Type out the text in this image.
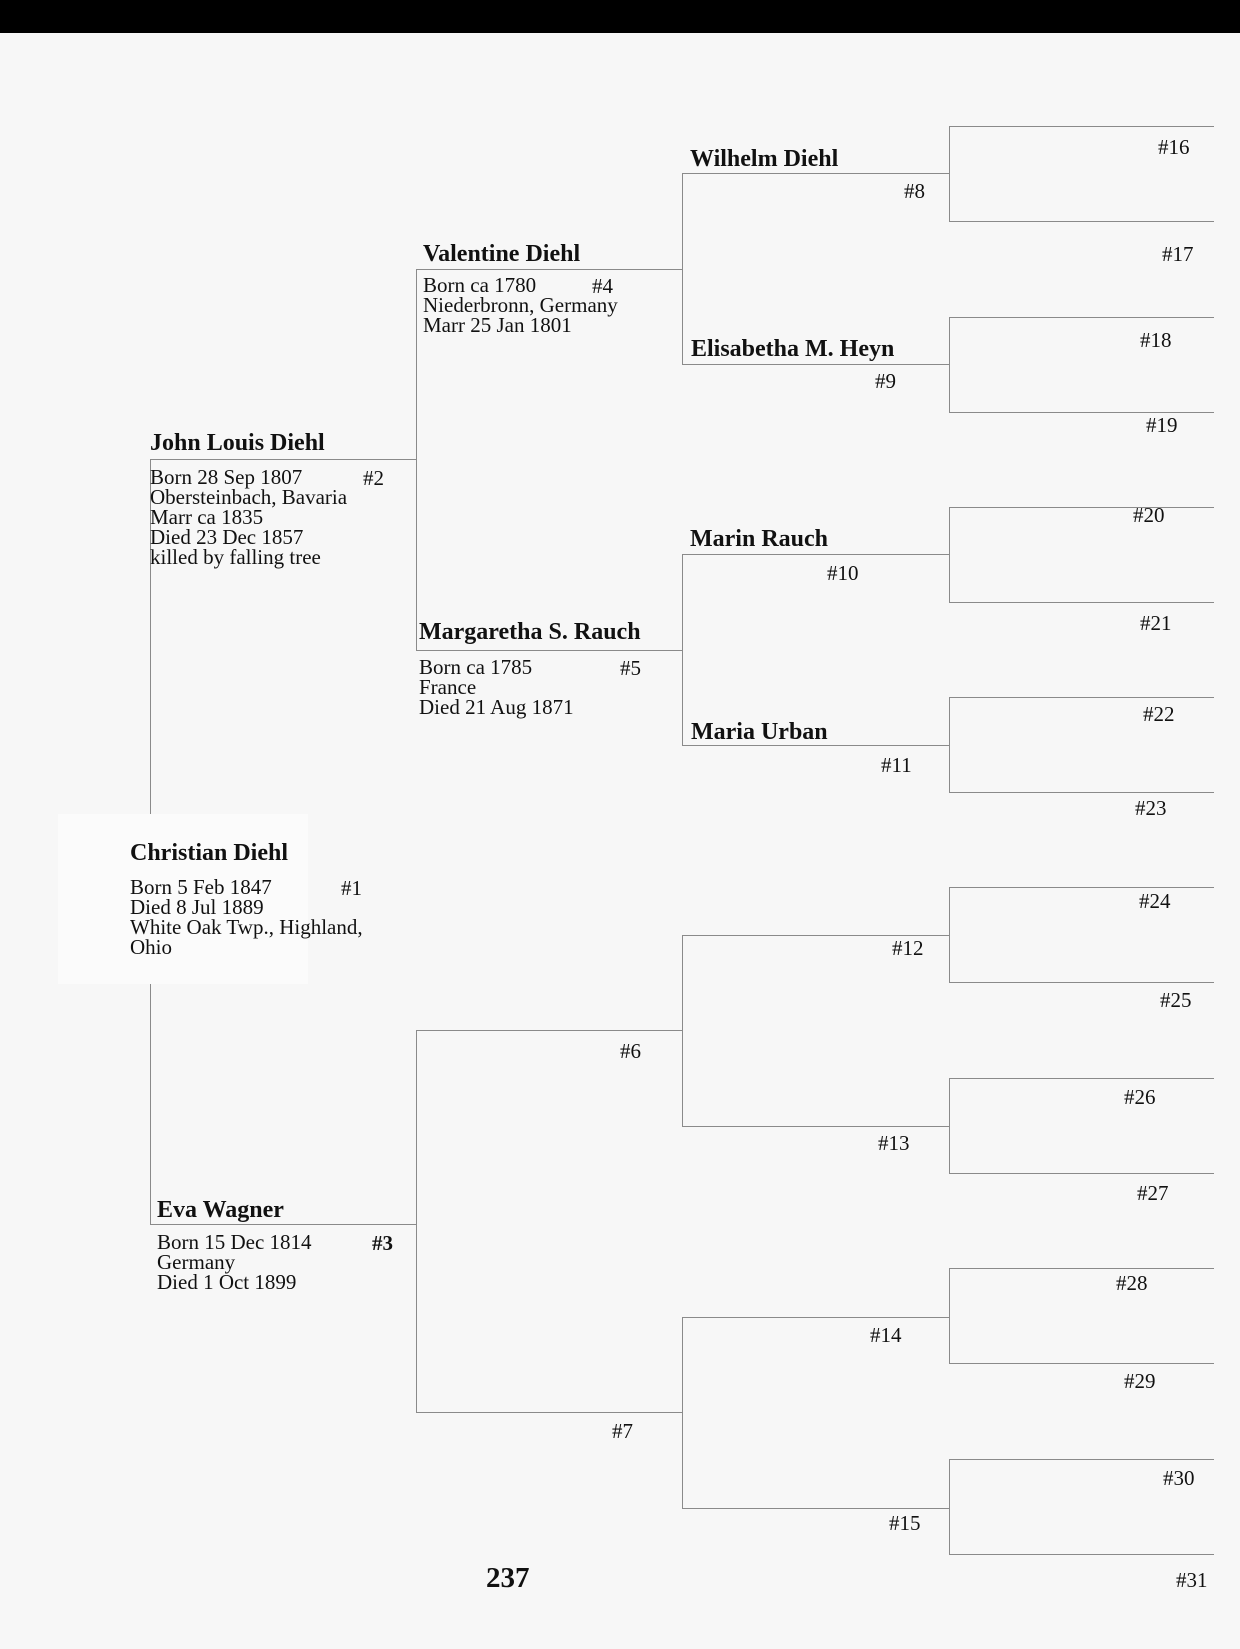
Christian Diehl
#1
Born 5 Feb 1847
Died 8 Jul 1889
White Oak Twp., Highland,
Ohio
John Louis Diehl
#2
Born 28 Sep 1807
Obersteinbach, Bavaria
Marr ca 1835
Died 23 Dec 1857
killed by falling tree
Eva Wagner
#3
Born 15 Dec 1814
Germany
Died 1 Oct 1899
Valentine Diehl
#4
Born ca 1780
Niederbronn, Germany
Marr 25 Jan 1801
Margaretha S. Rauch
#5
Born ca 1785
France
Died 21 Aug 1871
#6
#7
Wilhelm Diehl
#8
Elisabetha M. Heyn
#9
Marin Rauch
#10
Maria Urban
#11
#12
#13
#14
#15
#16
#17
#18
#19
#20
#21
#22
#23
#24
#25
#26
#27
#28
#29
#30
#31
237
